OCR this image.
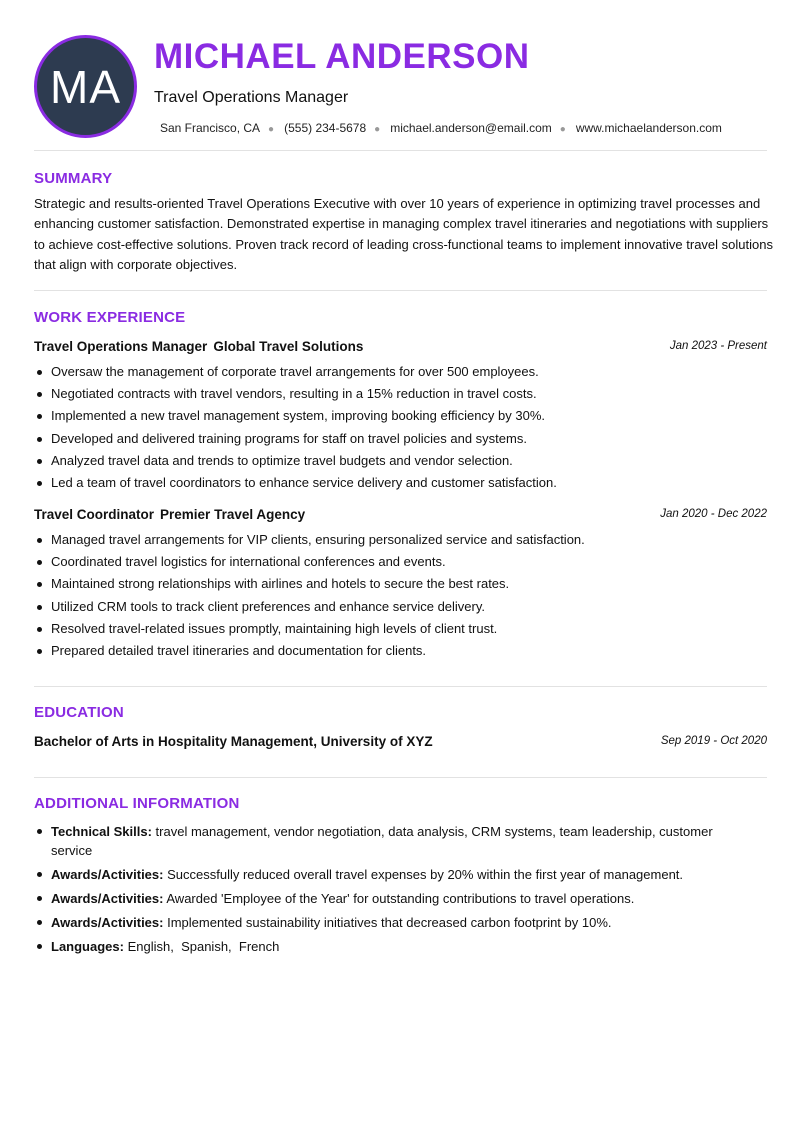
MA
MICHAEL ANDERSON
Travel Operations Manager
San Francisco, CA ● (555) 234-5678 ● michael.anderson@email.com ● www.michaelanderson.com
SUMMARY

Strategic and results-oriented Travel Operations Executive with over 10 years of experience in optimizing travel processes and enhancing customer satisfaction. Demonstrated expertise in managing complex travel itineraries and negotiations with suppliers to achieve cost-effective solutions. Proven track record of leading cross-functional teams to implement innovative travel solutions that align with corporate objectives.

WORK EXPERIENCE
Travel Operations Manager Global Travel Solutions	Jan 2023 - Present
Oversaw the management of corporate travel arrangements for over 500 employees.
Negotiated contracts with travel vendors, resulting in a 15% reduction in travel costs.
Implemented a new travel management system, improving booking efficiency by 30%.
Developed and delivered training programs for staff on travel policies and systems.
Analyzed travel data and trends to optimize travel budgets and vendor selection.
Led a team of travel coordinators to enhance service delivery and customer satisfaction.
Travel Coordinator Premier Travel Agency	Jan 2020 - Dec 2022
Managed travel arrangements for VIP clients, ensuring personalized service and satisfaction.
Coordinated travel logistics for international conferences and events.
Maintained strong relationships with airlines and hotels to secure the best rates.
Utilized CRM tools to track client preferences and enhance service delivery.
Resolved travel-related issues promptly, maintaining high levels of client trust.
Prepared detailed travel itineraries and documentation for clients.
EDUCATION
Bachelor of Arts in Hospitality Management, University of XYZ	Sep 2019 - Oct 2020
ADDITIONAL INFORMATION
Technical Skills: travel management, vendor negotiation, data analysis, CRM systems, team leadership, customer service
Awards/Activities: Successfully reduced overall travel expenses by 20% within the first year of management.
Awards/Activities: Awarded 'Employee of the Year' for outstanding contributions to travel operations.
Awards/Activities: Implemented sustainability initiatives that decreased carbon footprint by 10%.
Languages: English,  Spanish,  French
